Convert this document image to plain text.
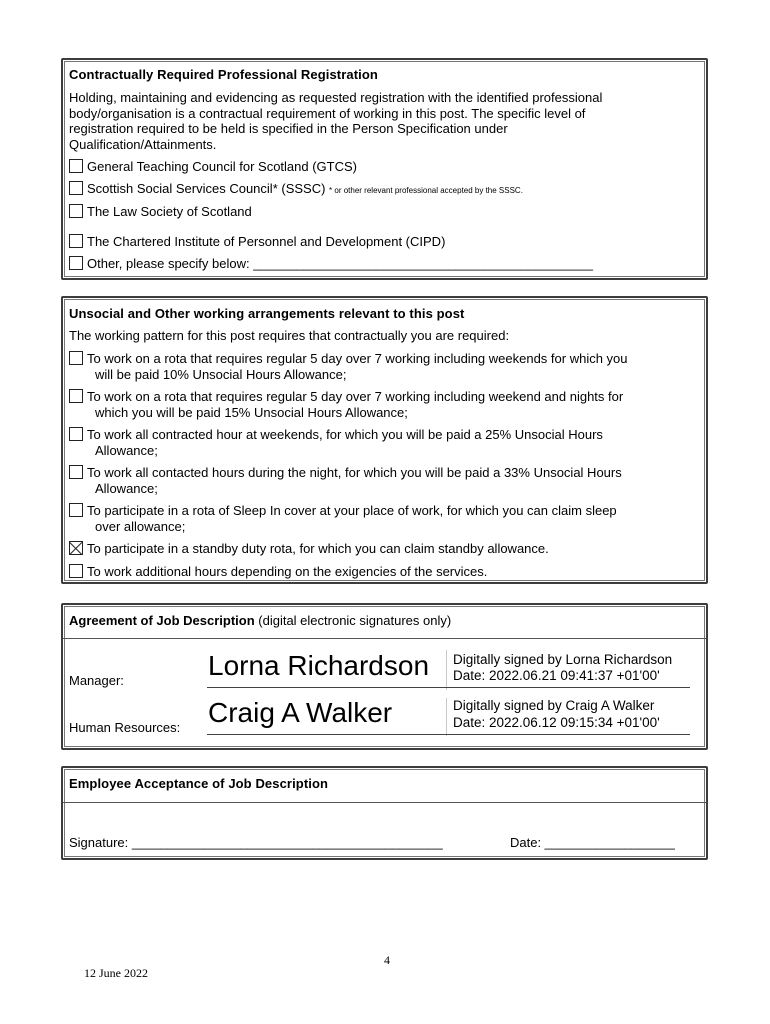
Contractually Required Professional Registration
Holding, maintaining and evidencing as requested registration with the identified professional
body/organisation is a contractual requirement of working in this post. The specific level of
registration required to be held is specified in the Person Specification under
Qualification/Attainments.
General Teaching Council for Scotland (GTCS)
Scottish Social Services Council* (SSSC) * or other relevant professional accepted by the SSSC.
The Law Society of Scotland
The Chartered Institute of Personnel and Development (CIPD)
Other, please specify below: _______________________________________________
Unsocial and Other working arrangements relevant to this post
The working pattern for this post requires that contractually you are required:
To work on a rota that requires regular 5 day over 7 working including weekends for which you
will be paid 10% Unsocial Hours Allowance;
To work on a rota that requires regular 5 day over 7 working including weekend and nights for
which you will be paid 15% Unsocial Hours Allowance;
To work all contracted hour at weekends, for which you will be paid a 25% Unsocial Hours
Allowance;
To work all contacted hours during the night, for which you will be paid a 33% Unsocial Hours
Allowance;
To participate in a rota of Sleep In cover at your place of work, for which you can claim sleep
over allowance;
To participate in a standby duty rota, for which you can claim standby allowance.
To work additional hours depending on the exigencies of the services.
Agreement of Job Description (digital electronic signatures only)
Manager:	Lorna Richardson Digitally signed by Lorna Richardson
Date: 2022.06.21 09:41:37 +01'00'
Human Resources: Craig A Walker	Digitally signed by Craig A Walker
Date: 2022.06.12 09:15:34 +01'00'
Employee Acceptance of Job Description
Signature: ___________________________________________	Date: __________________
4
12 June 2022
